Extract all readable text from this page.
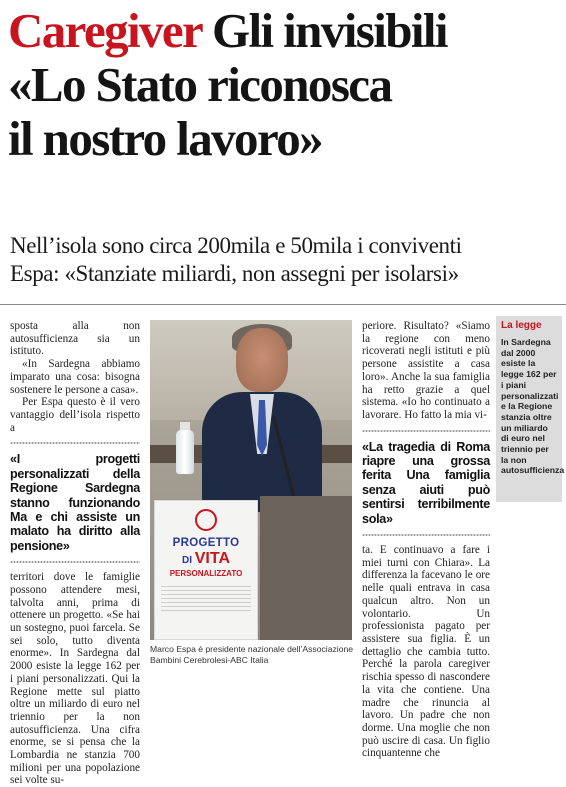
Caregiver Gli invisibili
«Lo Stato riconosca
il nostro lavoro»
Nell’isola sono circa 200mila e 50mila i conviventi
Espa: «Stanziate miliardi, non assegni per isolarsi»

sposta alla non autosufficienza sia un istituto.

«In Sardegna abbiamo imparato una cosa: bisogna sostenere le persone a casa».

Per Espa questo è il vero vantaggio dell’isola rispetto a

«I progetti personalizzati della Regione Sardegna stanno funzionando Ma e chi assiste un malato ha diritto alla pensione»

territori dove le famiglie possono attendere mesi, talvolta anni, prima di ottenere un progetto. «Se hai un sostegno, puoi farcela. Se sei solo, tutto diventa enorme». In Sardegna dal 2000 esiste la legge 162 per i piani personalizzati. Qui la Regione mette sul piatto oltre un miliardo di euro nel triennio per la non autosufficienza. Una cifra enorme, se si pensa che la Lombardia ne stanzia 700 milioni per una popolazione sei volte su-

PROGETTO
DI VITA
PERSONALIZZATO
Marco Espa è presidente nazionale dell’Associazione Bambini Cerebrolesi-ABC Italia

periore. Risultato? «Siamo la regione con meno ricoverati negli istituti e più persone assistite a casa loro». Anche la sua famiglia ha retto grazie a quel sistema. «Io ho continuato a lavorare. Ho fatto la mia vi-

«La tragedia di Roma riapre una grossa ferita Una famiglia senza aiuti può sentirsi terribilmente sola»

ta. E continuavo a fare i miei turni con Chiara». La differenza la facevano le ore nelle quali entrava in casa qualcun altro. Non un volontario. Un professionista pagato per assistere sua figlia. È un dettaglio che cambia tutto. Perché la parola caregiver rischia spesso di nascondere la vita che contiene. Una madre che rinuncia al lavoro. Un padre che non dorme. Una moglie che non può uscire di casa. Un figlio cinquantenne che

La legge
In Sardegna dal 2000 esiste la legge 162 per i piani personalizzati e la Regione stanzia oltre un miliardo di euro nel triennio per la non autosufficienza
